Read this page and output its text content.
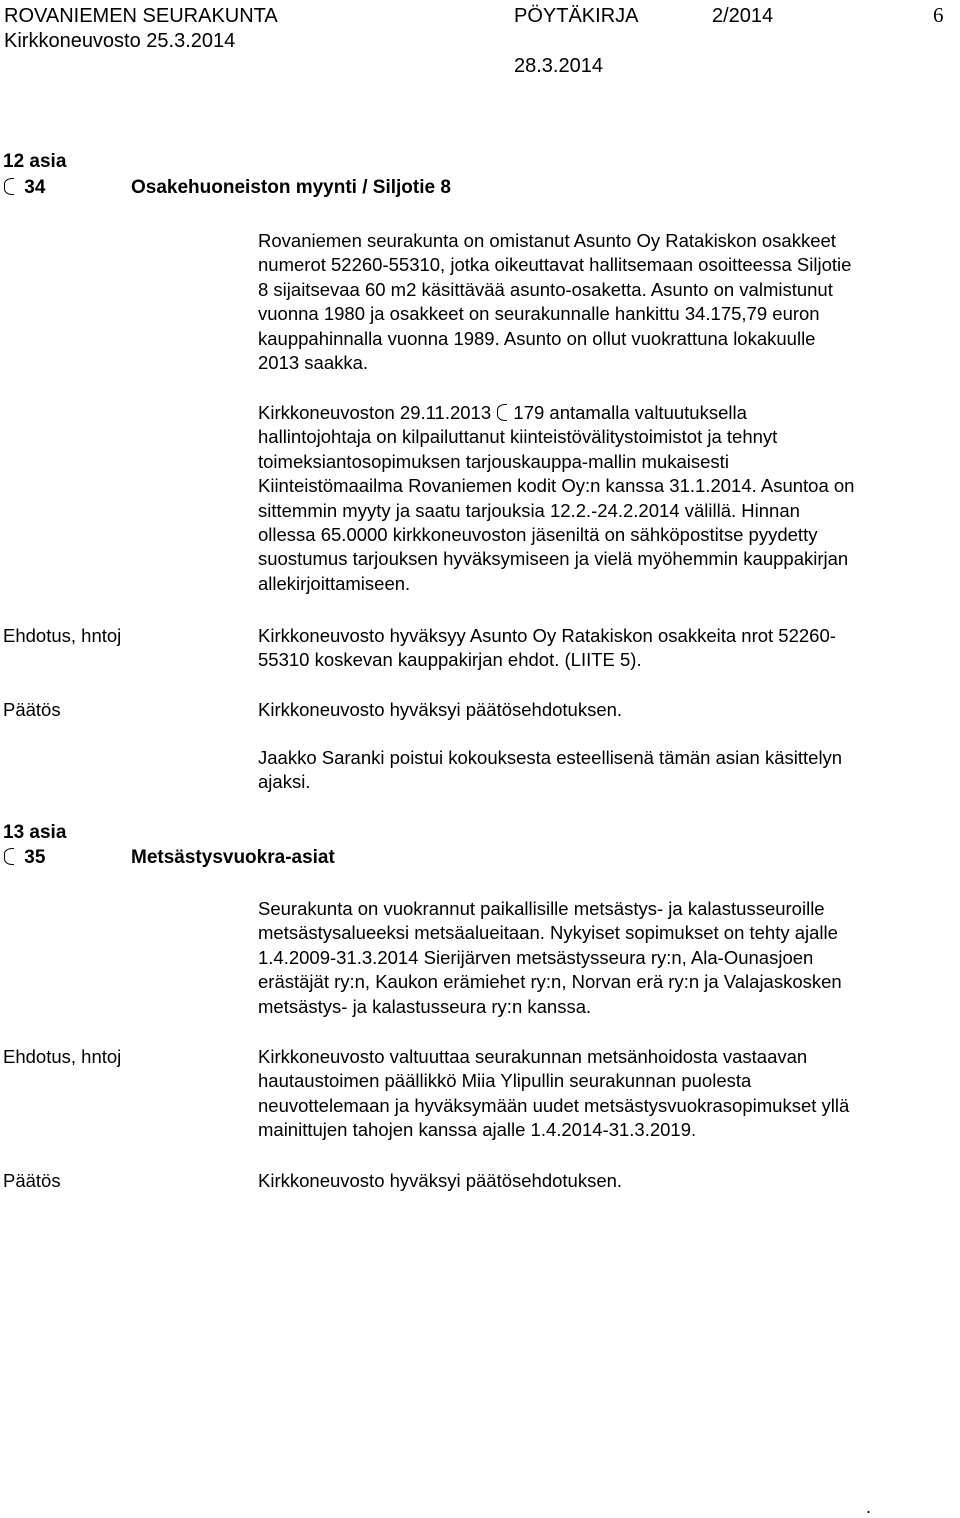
ROVANIEMEN SEURAKUNTA	PÖYTÄKIRJA	2/2014	6
Kirkkoneuvosto 25.3.2014
28.3.2014
12 asia
34	Osakehuoneiston myynti / Siljotie 8

Rovaniemen seurakunta on omistanut Asunto Oy Ratakiskon osakkeet

numerot 52260-55310, jotka oikeuttavat hallitsemaan osoitteessa Siljotie

8 sijaitsevaa 60 m2 käsittävää asunto-osaketta. Asunto on valmistunut

vuonna 1980 ja osakkeet on seurakunnalle hankittu 34.175,79 euron

kauppahinnalla vuonna 1989. Asunto on ollut vuokrattuna lokakuulle

2013 saakka.

Kirkkoneuvoston 29.11.2013 179 antamalla valtuutuksella

hallintojohtaja on kilpailuttanut kiinteistövälitystoimistot ja tehnyt

toimeksiantosopimuksen tarjouskauppa-mallin mukaisesti

Kiinteistömaailma Rovaniemen kodit Oy:n kanssa 31.1.2014. Asuntoa on

sittemmin myyty ja saatu tarjouksia 12.2.-24.2.2014 välillä. Hinnan

ollessa 65.0000 kirkkoneuvoston jäseniltä on sähköpostitse pyydetty

suostumus tarjouksen hyväksymiseen ja vielä myöhemmin kauppakirjan

allekirjoittamiseen.

Ehdotus, hntoj	Kirkkoneuvosto hyväksyy Asunto Oy Ratakiskon osakkeita nrot 52260-

55310 koskevan kauppakirjan ehdot. (LIITE 5).

Päätös	Kirkkoneuvosto hyväksyi päätösehdotuksen.

Jaakko Saranki poistui kokouksesta esteellisenä tämän asian käsittelyn

ajaksi.

13 asia
35	Metsästysvuokra-asiat

Seurakunta on vuokrannut paikallisille metsästys- ja kalastusseuroille

metsästysalueeksi metsäalueitaan. Nykyiset sopimukset on tehty ajalle

1.4.2009-31.3.2014 Sierijärven metsästysseura ry:n, Ala-Ounasjoen

erästäjät ry:n, Kaukon erämiehet ry:n, Norvan erä ry:n ja Valajaskosken

metsästys- ja kalastusseura ry:n kanssa.

Ehdotus, hntoj	Kirkkoneuvosto valtuuttaa seurakunnan metsänhoidosta vastaavan

hautaustoimen päällikkö Miia Ylipullin seurakunnan puolesta

neuvottelemaan ja hyväksymään uudet metsästysvuokrasopimukset yllä

mainittujen tahojen kanssa ajalle 1.4.2014-31.3.2019.

Päätös	Kirkkoneuvosto hyväksyi päätösehdotuksen.
.
